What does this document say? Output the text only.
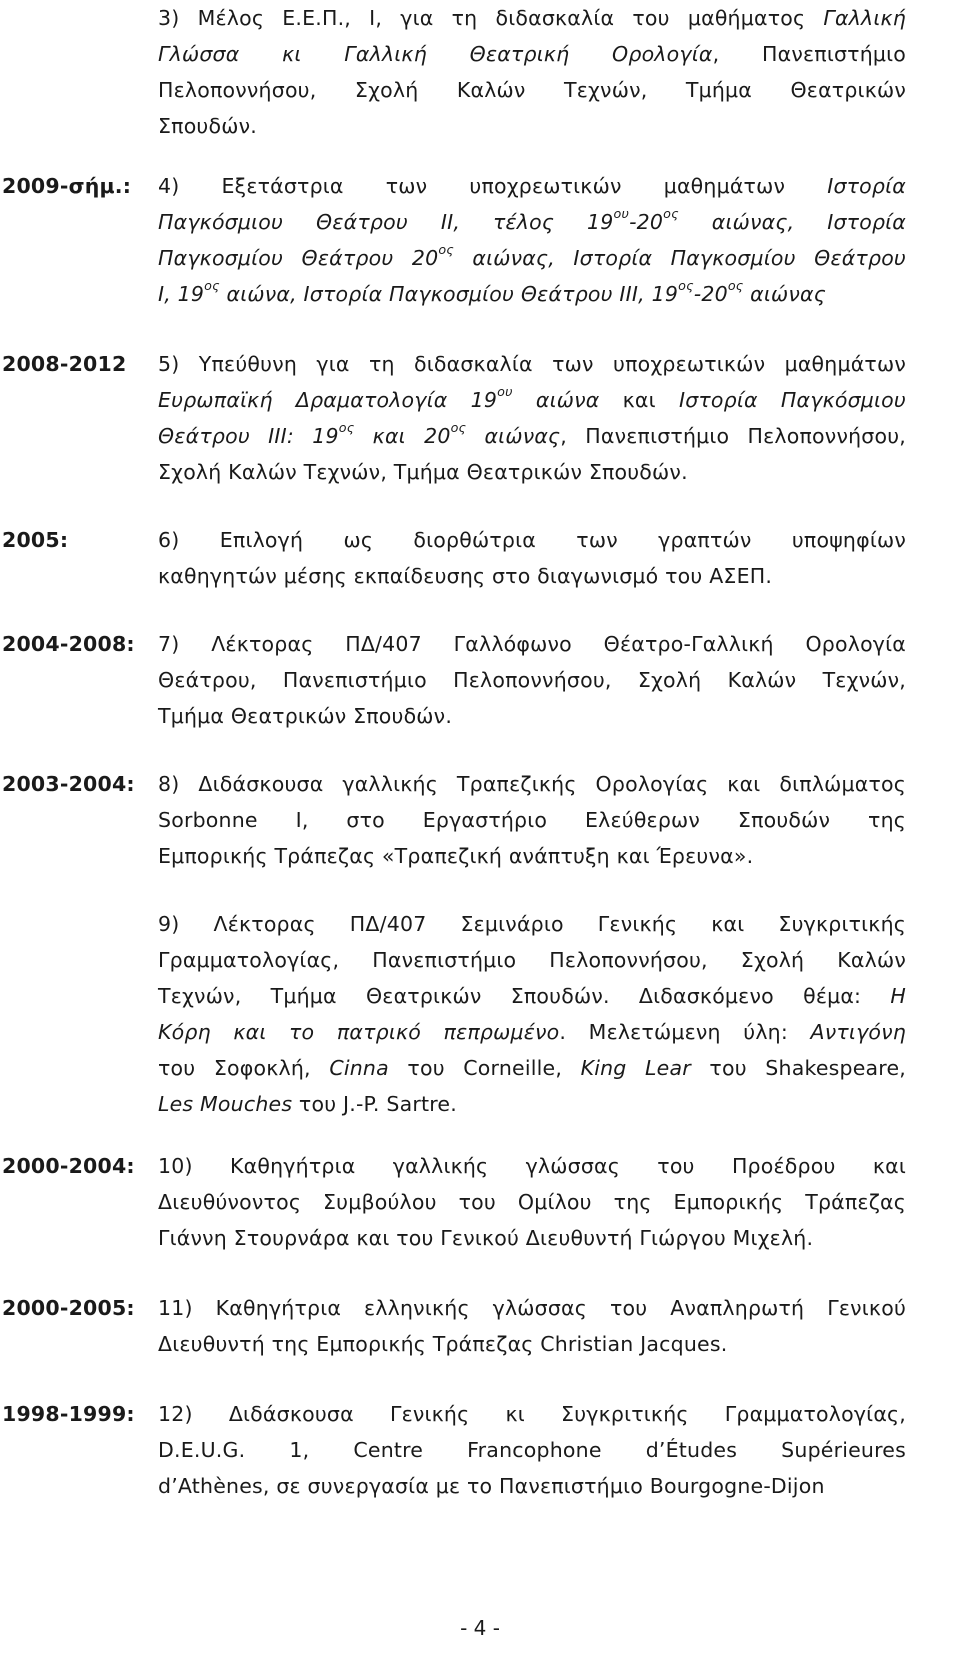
3) Μέλος Ε.Ε.Π., Ι, για τη διδασκαλία του μαθήματος Γαλλική
Γλώσσα κι Γαλλική Θεατρική Ορολογία, Πανεπιστήμιο
Πελοποννήσου, Σχολή Καλών Τεχνών, Τμήμα Θεατρικών
Σπουδών.
2009-σήμ.: 4) Εξετάστρια των υποχρεωτικών μαθημάτων Ιστορία
Παγκόσμιου Θεάτρου ΙΙ, τέλος $19^{o\upsilon}-20^{o\varsigma}$ αιώνας, Ιστορία
Παγκοσμίου Θεάτρου $20^{o\varsigma}$ αιώνας, Ιστορία Παγκοσμίου Θεάτρου
Ι, $19^{o\varsigma}$ αιώνα, Ιστορία Παγκοσμίου Θεάτρου ΙΙΙ, $19^{o\varsigma}-20^{o\varsigma}$ αιώνας
2008-2012 5) Υπεύθυνη για τη διδασκαλία των υποχρεωτικών μαθημάτων
Ευρωπαϊκή Δραματολογία $19^{o\upsilon}$ αιώνα και Ιστορία Παγκόσμιου
Θεάτρου ΙΙΙ: $19^{o\varsigma}$ και $20^{o\varsigma}$ αιώνας, Πανεπιστήμιο Πελοποννήσου,
Σχολή Καλών Τεχνών, Τμήμα Θεατρικών Σπουδών.
2005:	6) Επιλογή ως διορθώτρια των γραπτών υποψηφίων
καθηγητών μέσης εκπαίδευσης στο διαγωνισμό του ΑΣΕΠ.
2004-2008: 7) Λέκτορας ΠΔ/407 Γαλλόφωνο Θέατρο-Γαλλική Ορολογία
Θεάτρου, Πανεπιστήμιο Πελοποννήσου, Σχολή Καλών Τεχνών,
Τμήμα Θεατρικών Σπουδών.
2003-2004: 8) Διδάσκουσα γαλλικής Τραπεζικής Ορολογίας και διπλώματος
Sorbonne I, στο Εργαστήριο Ελεύθερων Σπουδών της
Εμπορικής Τράπεζας «Τραπεζική ανάπτυξη και Έρευνα».
9) Λέκτορας ΠΔ/407 Σεμινάριο Γενικής και Συγκριτικής
Γραμματολογίας, Πανεπιστήμιο Πελοποννήσου, Σχολή Καλών
Τεχνών, Τμήμα Θεατρικών Σπουδών. Διδασκόμενο θέμα: Η
Κόρη και το πατρικό πεπρωμένο. Μελετώμενη ύλη: Αντιγόνη
του Σοφοκλή, Cinna του Corneille, King Lear του Shakespeare,
Les Mouches του J.-P. Sartre.
2000-2004: 10) Καθηγήτρια γαλλικής γλώσσας του Προέδρου και
Διευθύνοντος Συμβούλου του Ομίλου της Εμπορικής Τράπεζας
Γιάννη Στουρνάρα και του Γενικού Διευθυντή Γιώργου Μιχελή.
2000-2005: 11) Καθηγήτρια ελληνικής γλώσσας του Αναπληρωτή Γενικού
Διευθυντή της Εμπορικής Τράπεζας Christian Jacques.
1998-1999: 12) Διδάσκουσα Γενικής κι Συγκριτικής Γραμματολογίας,
D.E.U.G. 1, Centre Francophone d’Études Supérieures
d’Athènes, σε συνεργασία με το Πανεπιστήμιο Bourgogne-Dijon
- 4 -
